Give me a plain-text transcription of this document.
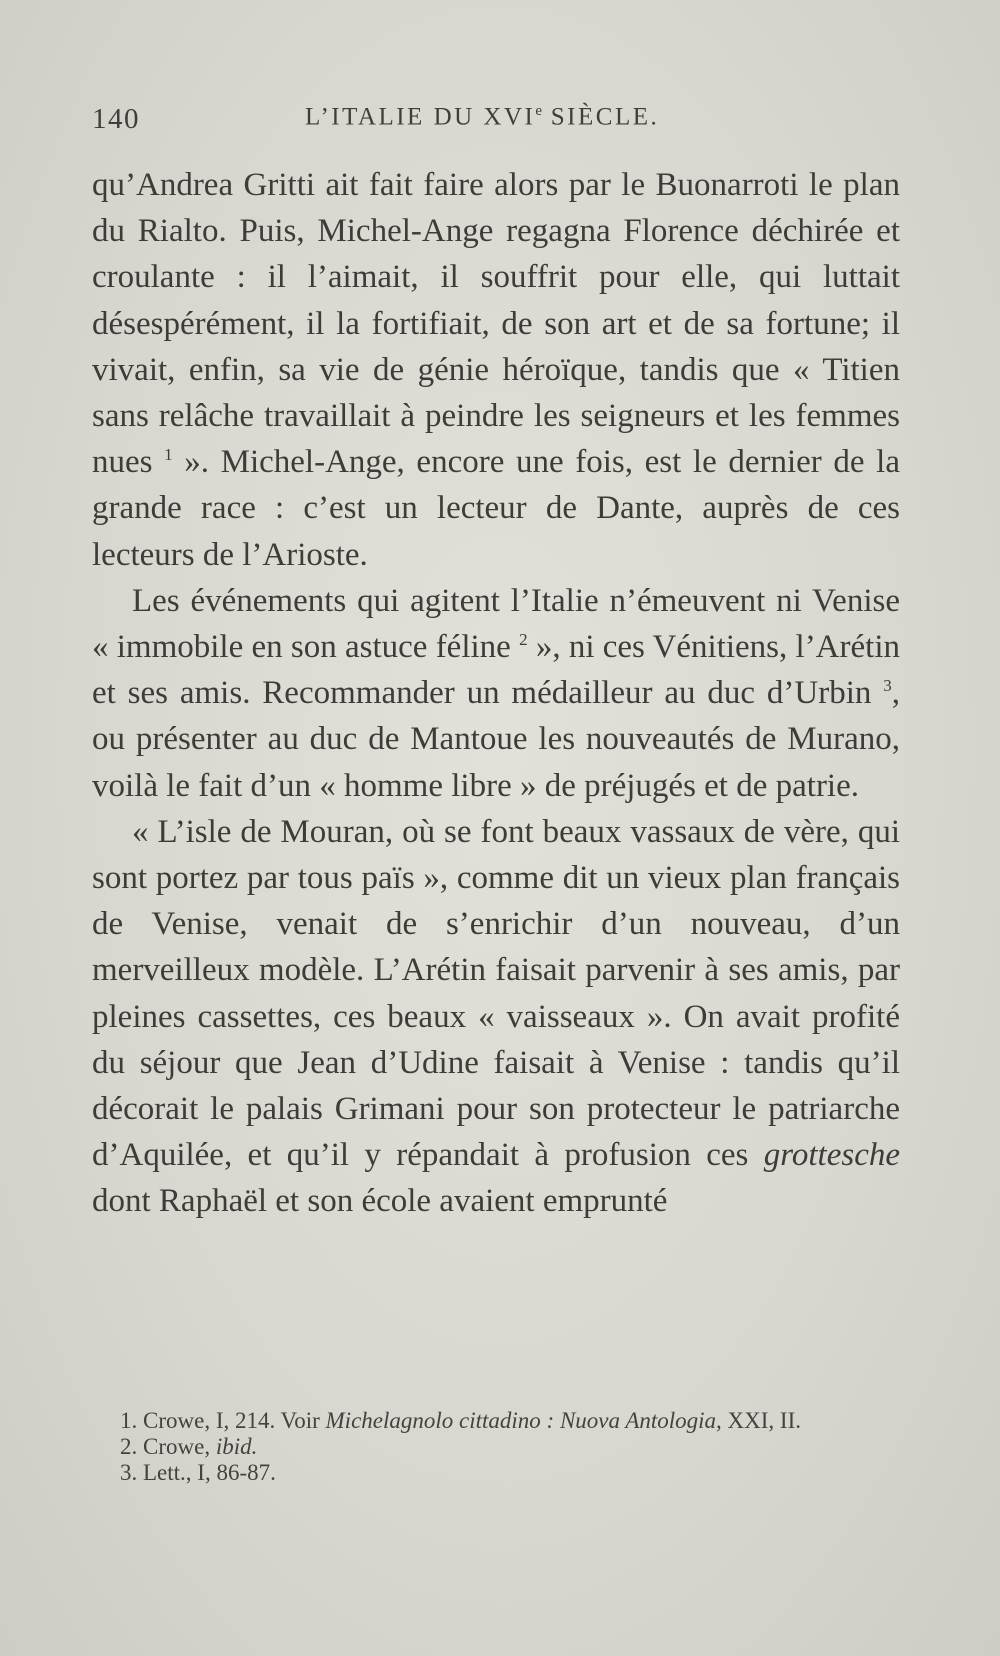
140	L’ITALIE DU XVIe SIÈCLE.

qu’Andrea Gritti ait fait faire alors par le Buonarroti le plan du Rialto. Puis, Michel-Ange regagna Florence déchirée et croulante : il l’aimait, il souffrit pour elle, qui luttait désespérément, il la fortifiait, de son art et de sa fortune; il vivait, enfin, sa vie de génie héroïque, tandis que « Titien sans relâche travaillait à peindre les seigneurs et les femmes nues $^1$ ». Michel-Ange, encore une fois, est le dernier de la grande race : c’est un lecteur de Dante, auprès de ces lecteurs de l’Arioste.

Les événements qui agitent l’Italie n’émeuvent ni Venise « immobile en son astuce féline $^2$ », ni ces Vénitiens, l’Arétin et ses amis. Recommander un médailleur au duc d’Urbin $^3$, ou présenter au duc de Mantoue les nouveautés de Murano, voilà le fait d’un « homme libre » de préjugés et de patrie.

« L’isle de Mouran, où se font beaux vassaux de vère, qui sont portez par tous païs », comme dit un vieux plan français de Venise, venait de s’enrichir d’un nouveau, d’un merveilleux modèle. L’Arétin faisait parvenir à ses amis, par pleines cassettes, ces beaux « vaisseaux ». On avait profité du séjour que Jean d’Udine faisait à Venise : tandis qu’il décorait le palais Grimani pour son protecteur le patriarche d’Aquilée, et qu’il y répandait à profusion ces grottesche dont Raphaël et son école avaient emprunté

1. Crowe, I, 214. Voir Michelagnolo cittadino : Nuova Antologia, XXI, II.

2. Crowe, ibid.

3. Lett., I, 86-87.
